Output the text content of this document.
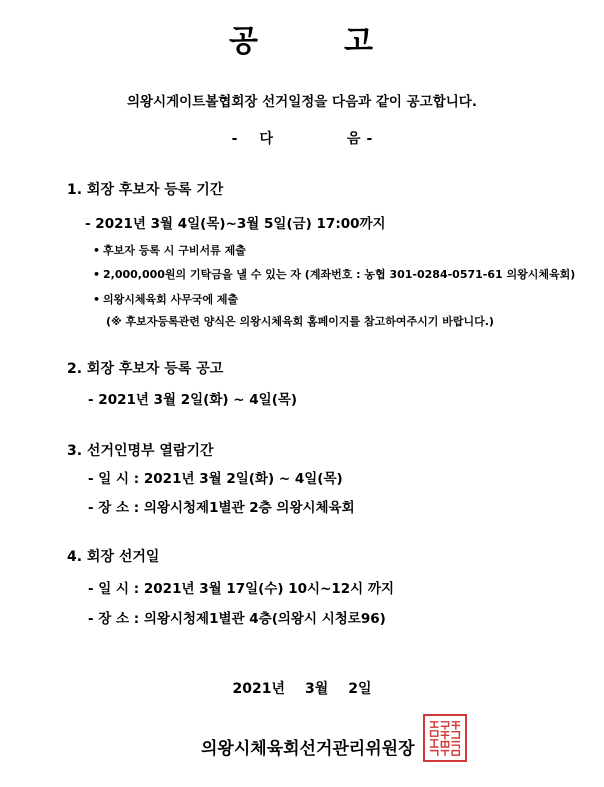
공	고
의왕시게이트볼협회장 선거일정을 다음과 같이 공고합니다.
- 다	음 -
1. 회장 후보자 등록 기간
- 2021년 3월 4일(목)~3월 5일(금) 17:00까지
• 후보자 등록 시 구비서류 제출
• 2,000,000원의 기탁금을 낼 수 있는 자 (계좌번호 : 농협 301-0284-0571-61 의왕시체육회)
• 의왕시체육회 사무국에 제출
(※ 후보자등록관련 양식은 의왕시체육회 홈페이지를 참고하여주시기 바랍니다.)
2. 회장 후보자 등록 공고
- 2021년 3월 2일(화) ~ 4일(목)
3. 선거인명부 열람기간
- 일 시 : 2021년 3월 2일(화) ~ 4일(목)
- 장 소 : 의왕시청제1별관 2층 의왕시체육회
4. 회장 선거일
- 일 시 : 2021년 3월 17일(수) 10시~12시 까지
- 장 소 : 의왕시청제1별관 4층(의왕시 시청로96)
2021년 3월 2일
의왕시체육회선거관리위원장
